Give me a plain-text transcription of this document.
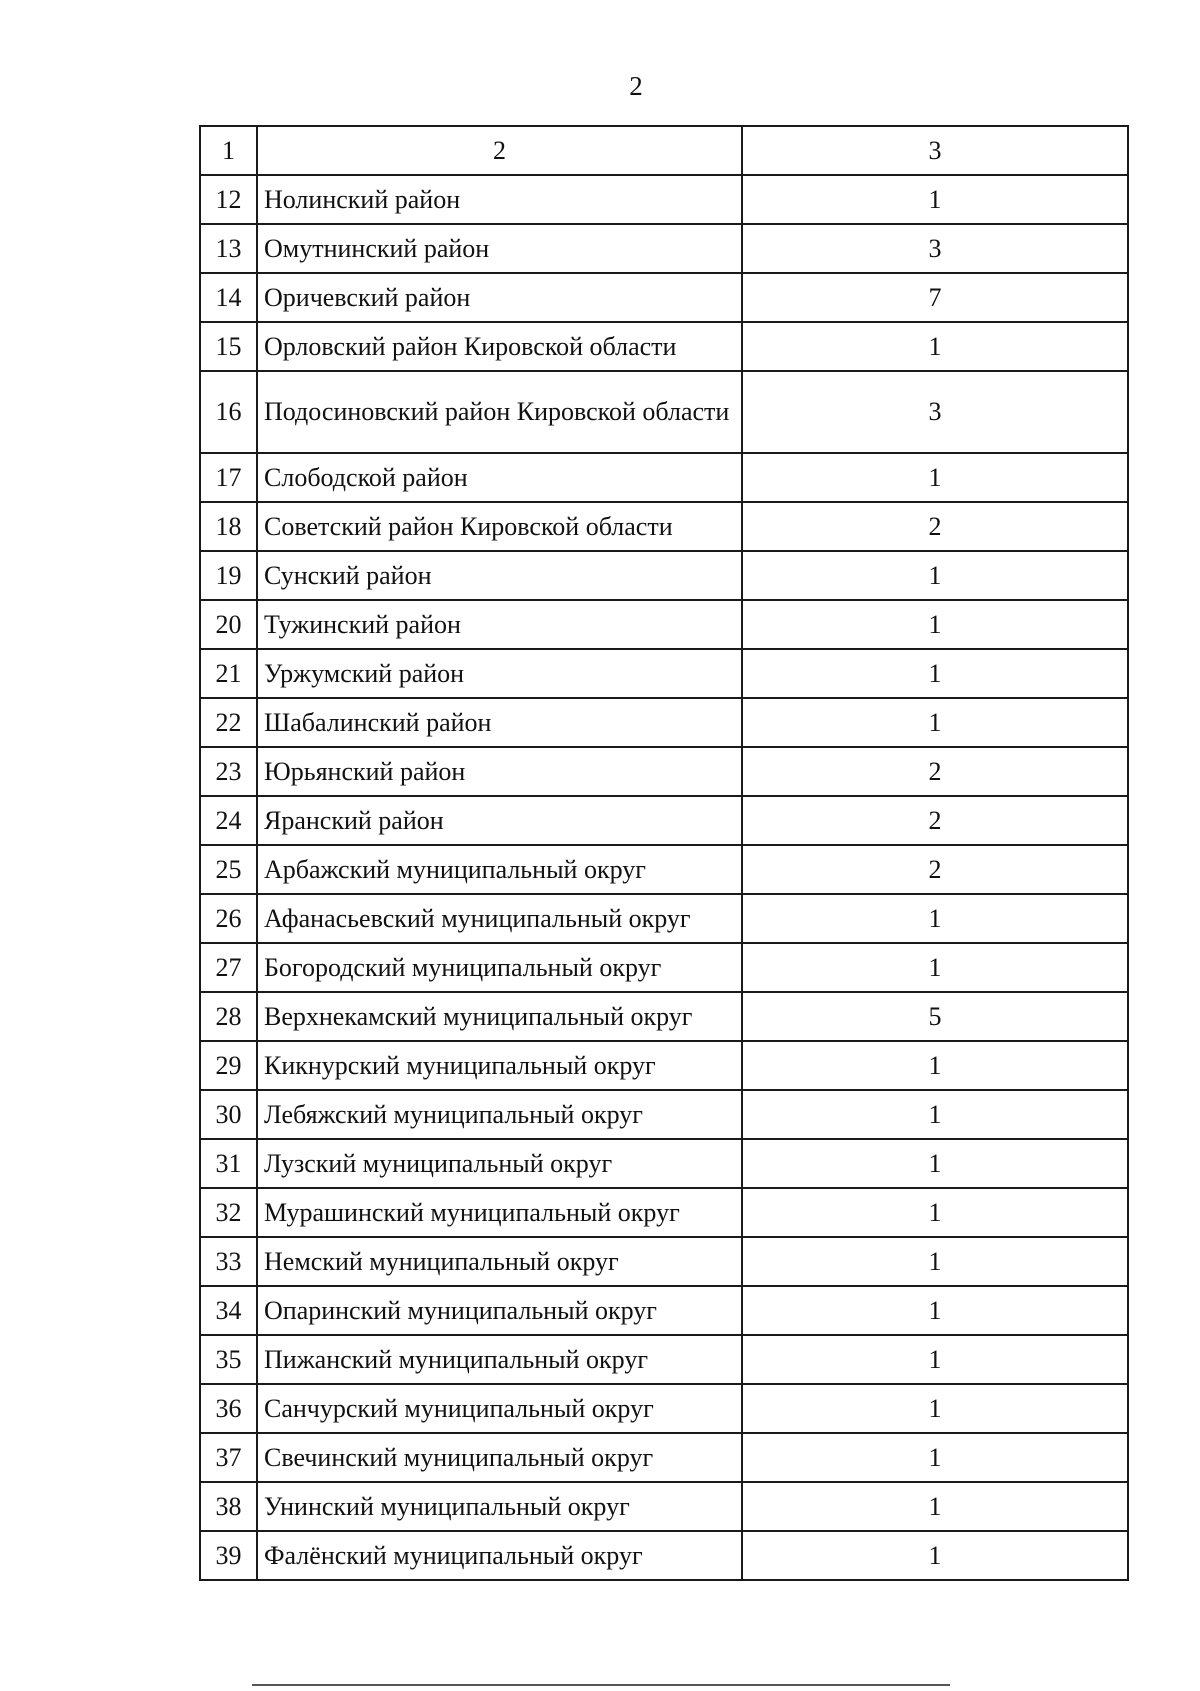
2
1	2	3
12	Нолинский район	1
13	Омутнинский район	3
14	Оричевский район	7
15	Орловский район Кировской области	1
16	Подосиновский район Кировской области	3
17	Слободской район	1
18	Советский район Кировской области	2
19	Сунский район	1
20	Тужинский район	1
21	Уржумский район	1
22	Шабалинский район	1
23	Юрьянский район	2
24	Яранский район	2
25	Арбажский муниципальный округ	2
26	Афанасьевский муниципальный округ	1
27	Богородский муниципальный округ	1
28	Верхнекамский муниципальный округ	5
29	Кикнурский муниципальный округ	1
30	Лебяжский муниципальный округ	1
31	Лузский муниципальный округ	1
32	Мурашинский муниципальный округ	1
33	Немский муниципальный округ	1
34	Опаринский муниципальный округ	1
35	Пижанский муниципальный округ	1
36	Санчурский муниципальный округ	1
37	Свечинский муниципальный округ	1
38	Унинский муниципальный округ	1
39	Фалёнский муниципальный округ	1
